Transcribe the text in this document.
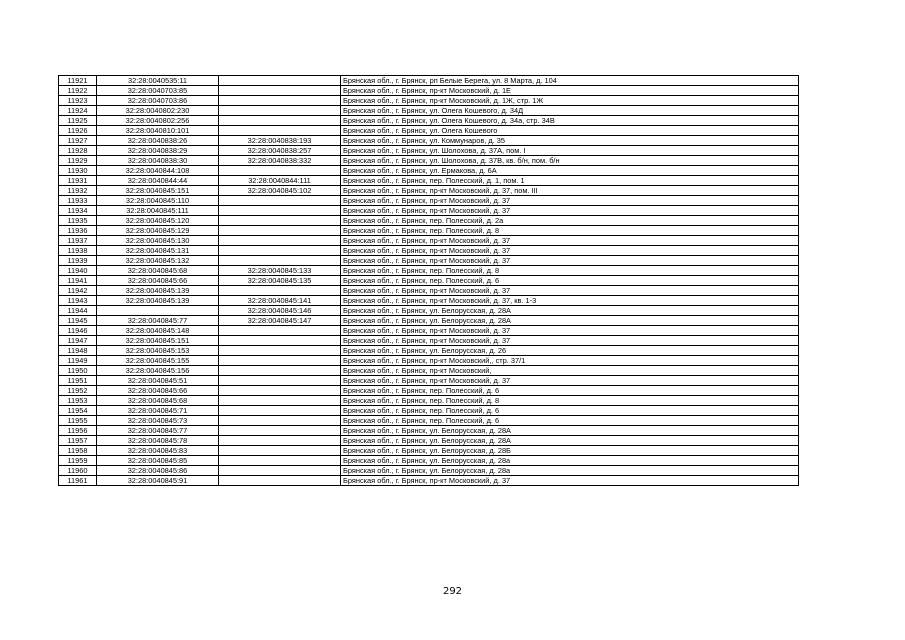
11921	32:28:0040535:11		Брянская обл., г. Брянск, рп Белые Берега, ул. 8 Марта, д. 104
11922	32:28:0040703:85		Брянская обл., г. Брянск, пр-кт Московский, д. 1Е
11923	32:28:0040703:86		Брянская обл., г. Брянск, пр-кт Московский, д. 1Ж, стр. 1Ж
11924	32:28:0040802:230		Брянская обл., г. Брянск, ул. Олега Кошевого, д. 34Д
11925	32:28:0040802:256		Брянская обл., г. Брянск, ул. Олега Кошевого, д. 34а, стр. 34В
11926	32:28:0040810:101		Брянская обл., г. Брянск, ул. Олега Кошевого
11927	32:28:0040838:26	32:28:0040838:193	Брянская обл., г. Брянск, ул. Коммунаров, д. 35
11928	32:28:0040838:29	32:28:0040838:257	Брянская обл., г. Брянск, ул. Шолохова, д. 37А, пом. I
11929	32:28:0040838:30	32:28:0040838:332	Брянская обл., г. Брянск, ул. Шолохова, д. 37В, кв. б/н, пом. б/н
11930	32:28:0040844:108		Брянская обл., г. Брянск, ул. Ермакова, д. 6А
11931	32:28:0040844:44	32:28:0040844:111	Брянская обл., г. Брянск, пер. Полесский, д. 1, пом. 1
11932	32:28:0040845:151	32:28:0040845:102	Брянская обл., г. Брянск, пр-кт Московский, д. 37, пом. III
11933	32:28:0040845:110		Брянская обл., г. Брянск, пр-кт Московский, д. 37
11934	32:28:0040845:111		Брянская обл., г. Брянск, пр-кт Московский, д. 37
11935	32:28:0040845:120		Брянская обл., г. Брянск, пер. Полесский, д. 2а
11936	32:28:0040845:129		Брянская обл., г. Брянск, пер. Полесский, д. 8
11937	32:28:0040845:130		Брянская обл., г. Брянск, пр-кт Московский, д. 37
11938	32:28:0040845:131		Брянская обл., г. Брянск, пр-кт Московский, д. 37
11939	32:28:0040845:132		Брянская обл., г. Брянск, пр-кт Московский, д. 37
11940	32:28:0040845:68	32:28:0040845:133	Брянская обл., г. Брянск, пер. Полесский, д. 8
11941	32:28:0040845:66	32:28:0040845:135	Брянская обл., г. Брянск, пер. Полесский, д. 6
11942	32:28:0040845:139		Брянская обл., г. Брянск, пр-кт Московский, д. 37
11943	32:28:0040845:139	32:28:0040845:141	Брянская обл., г. Брянск, пр-кт Московский, д. 37, кв. 1-3
11944		32:28:0040845:146	Брянская обл., г. Брянск, ул. Белорусская, д. 28А
11945	32:28:0040845:77	32:28:0040845:147	Брянская обл., г. Брянск, ул. Белорусская, д. 28А
11946	32:28:0040845:148		Брянская обл., г. Брянск, пр-кт Московский, д. 37
11947	32:28:0040845:151		Брянская обл., г. Брянск, пр-кт Московский, д. 37
11948	32:28:0040845:153		Брянская обл., г. Брянск, ул. Белорусская, д. 26
11949	32:28:0040845:155		Брянская обл., г. Брянск, пр-кт Московский,, стр. 37/1
11950	32:28:0040845:156		Брянская обл., г. Брянск, пр-кт Московский,
11951	32:28:0040845:51		Брянская обл., г. Брянск, пр-кт Московский, д. 37
11952	32:28:0040845:66		Брянская обл., г. Брянск, пер. Полесский, д. 6
11953	32:28:0040845:68		Брянская обл., г. Брянск, пер. Полесский, д. 8
11954	32:28:0040845:71		Брянская обл., г. Брянск, пер. Полесский, д. 6
11955	32:28:0040845:73		Брянская обл., г. Брянск, пер. Полесский, д. 6
11956	32:28:0040845:77		Брянская обл., г. Брянск, ул. Белорусская, д. 28А
11957	32:28:0040845:78		Брянская обл., г. Брянск, ул. Белорусская, д. 28А
11958	32:28:0040845:83		Брянская обл., г. Брянск, ул. Белорусская, д. 28Б
11959	32:28:0040845:85		Брянская обл., г. Брянск, ул. Белорусская, д. 28а
11960	32:28:0040845:86		Брянская обл., г. Брянск, ул. Белорусская, д. 28а
11961	32:28:0040845:91		Брянская обл., г. Брянск, пр-кт Московский, д. 37
292
